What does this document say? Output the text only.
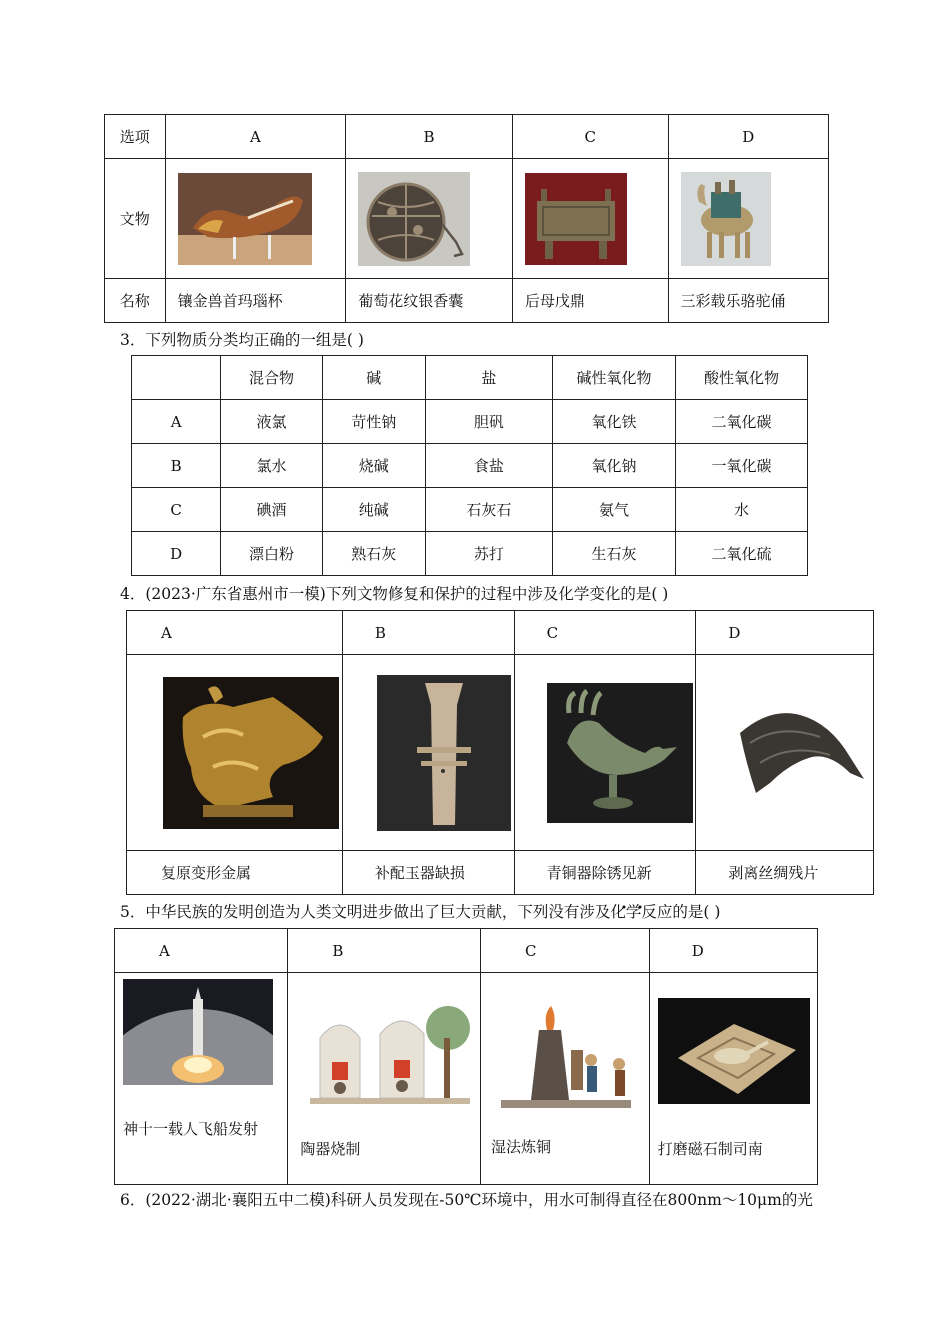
选项	A	B	C	D
文物	

名称	镶金兽首玛瑙杯	葡萄花纹银香囊	后母戊鼎	三彩载乐骆驼俑
3．下列物质分类均正确的一组是( )
	混合物	碱	盐	碱性氧化物	酸性氧化物
A	液氯	苛性钠	胆矾	氧化铁	二氧化碳
B	氯水	烧碱	食盐	氧化钠	一氧化碳
C	碘酒	纯碱	石灰石	氨气	水
D	漂白粉	熟石灰	苏打	生石灰	二氧化硫
4．(2023·广东省惠州市一模)下列文物修复和保护的过程中涉及化学变化的是( )
A	B	C	D

复原变形金属	补配玉器缺损	青铜器除锈见新	剥离丝绸残片
5．中华民族的发明创造为人类文明进步做出了巨大贡献，下列没有涉及化学反应的是( )
A	B	C	D

神十一载人飞船发射	陶器烧制	湿法炼铜	打磨磁石制司南
6．(2022·湖北·襄阳五中二模)科研人员发现在-50℃环境中，用水可制得直径在800nm～10μm的光
